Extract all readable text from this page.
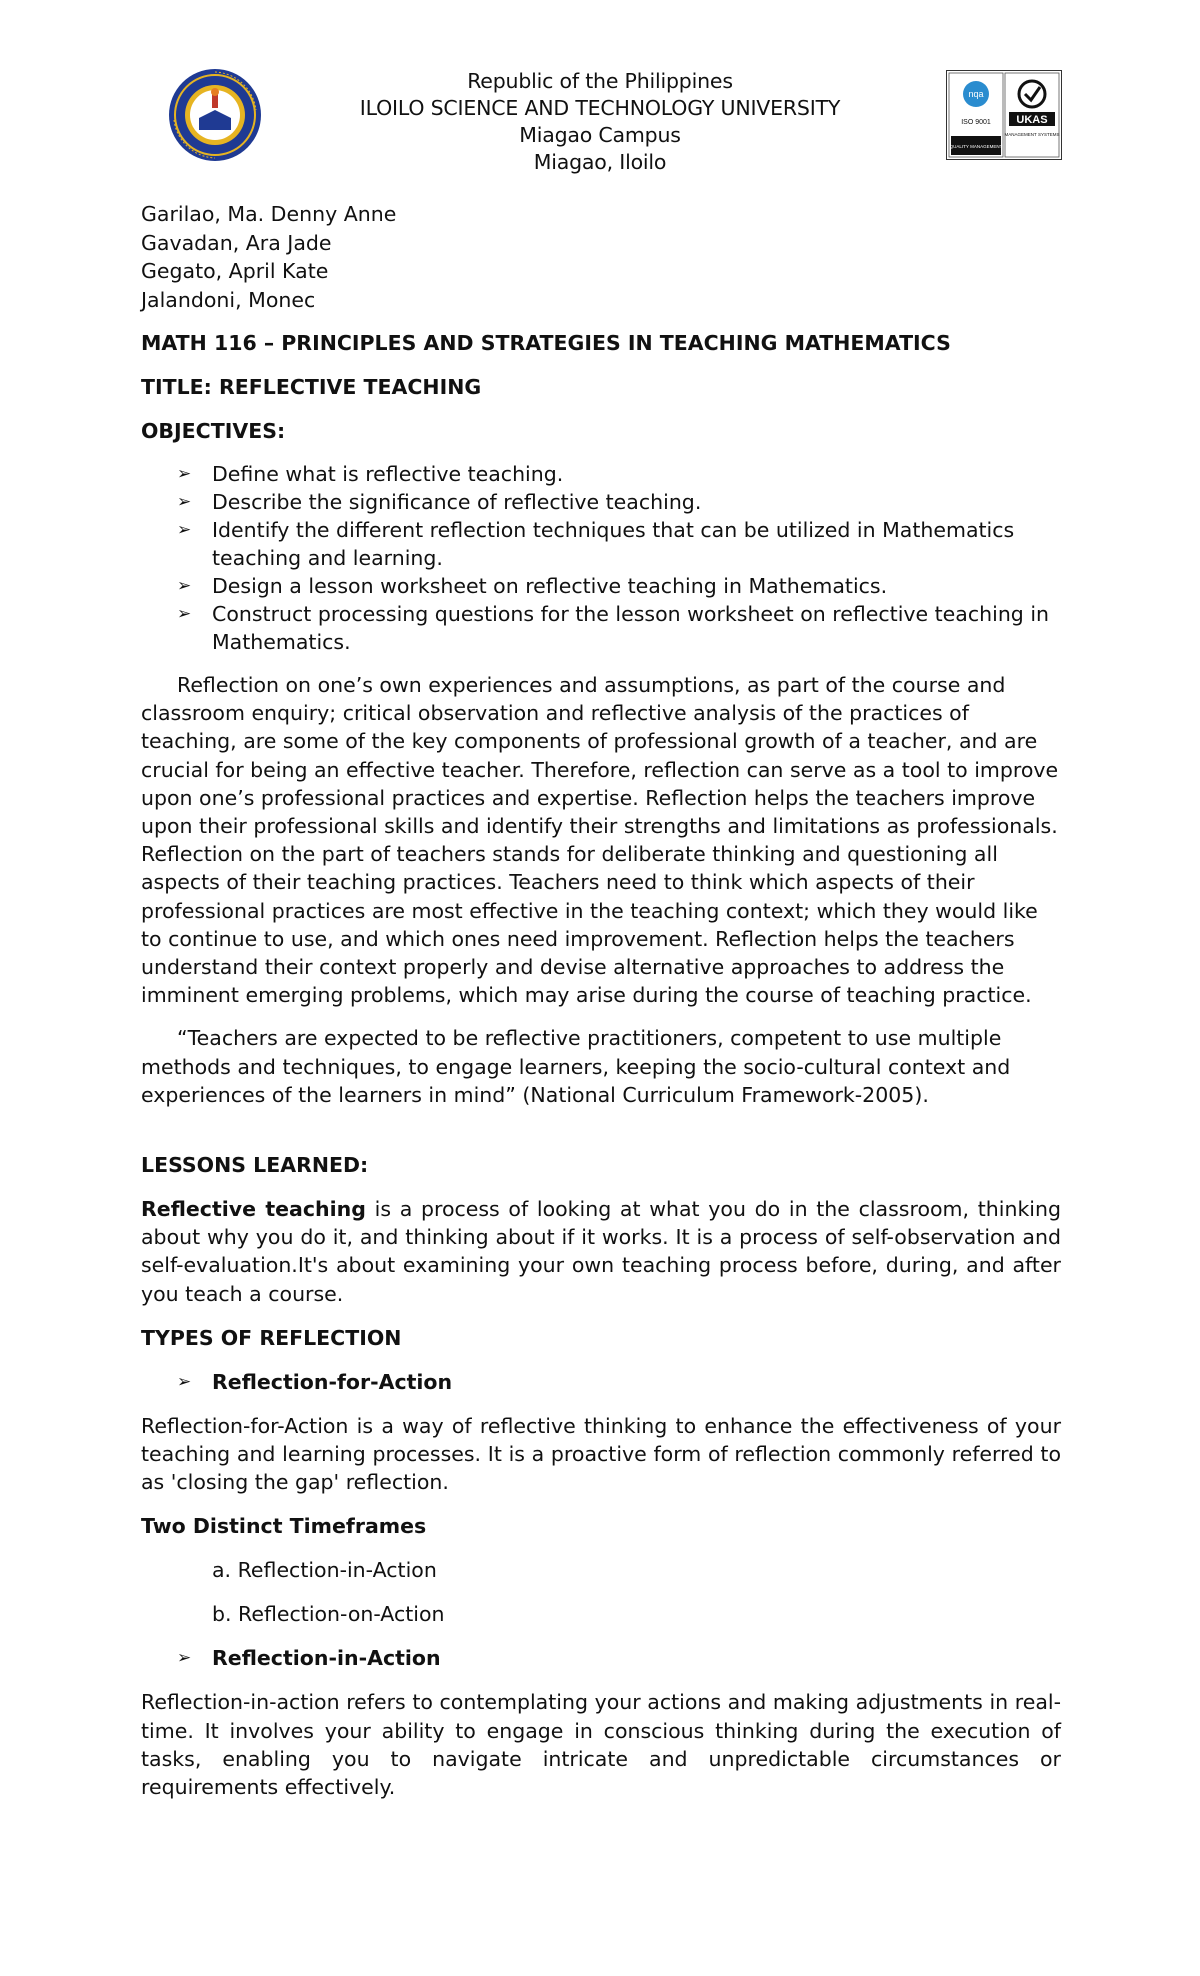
Republic of the Philippines
ILOILO SCIENCE AND TECHNOLOGY UNIVERSITY
Miagao Campus
Miagao, Iloilo
nqa
ISO 9001
QUALITY MANAGEMENT
UKAS
MANAGEMENT SYSTEMS
Garilao, Ma. Denny Anne
Gavadan, Ara Jade
Gegato, April Kate
Jalandoni, Monec
MATH 116 – PRINCIPLES AND STRATEGIES IN TEACHING MATHEMATICS
TITLE: REFLECTIVE TEACHING
OBJECTIVES:
➢ Define what is reflective teaching.
➢ Describe the significance of reflective teaching.
➢ Identify the different reflection techniques that can be utilized in Mathematics teaching and learning.
➢ Design a lesson worksheet on reflective teaching in Mathematics.
➢ Construct processing questions for the lesson worksheet on reflective teaching in Mathematics.

Reflection on one’s own experiences and assumptions, as part of the course and classroom enquiry; critical observation and reflective analysis of the practices of teaching, are some of the key components of professional growth of a teacher, and are crucial for being an effective teacher. Therefore, reflection can serve as a tool to improve upon one’s professional practices and expertise. Reflection helps the teachers improve upon their professional skills and identify their strengths and limitations as professionals. Reflection on the part of teachers stands for deliberate thinking and questioning all aspects of their teaching practices. Teachers need to think which aspects of their professional practices are most effective in the teaching context; which they would like to continue to use, and which ones need improvement. Reflection helps the teachers understand their context properly and devise alternative approaches to address the imminent emerging problems, which may arise during the course of teaching practice.

“Teachers are expected to be reflective practitioners, competent to use multiple methods and techniques, to engage learners, keeping the socio-cultural context and experiences of the learners in mind” (National Curriculum Framework-2005).

LESSONS LEARNED:

Reflective teaching is a process of looking at what you do in the classroom, thinking about why you do it, and thinking about if it works. It is a process of self-observation and self-evaluation.It's about examining your own teaching process before, during, and after you teach a course.

TYPES OF REFLECTION
➢ Reflection-for-Action

Reflection-for-Action is a way of reflective thinking to enhance the effectiveness of your teaching and learning processes. It is a proactive form of reflection commonly referred to as 'closing the gap' reflection.

Two Distinct Timeframes
a. Reflection-in-Action
b. Reflection-on-Action
➢ Reflection-in-Action

Reflection-in-action refers to contemplating your actions and making adjustments in real-time. It involves your ability to engage in conscious thinking during the execution of tasks, enabling you to navigate intricate and unpredictable circumstances or requirements effectively.
